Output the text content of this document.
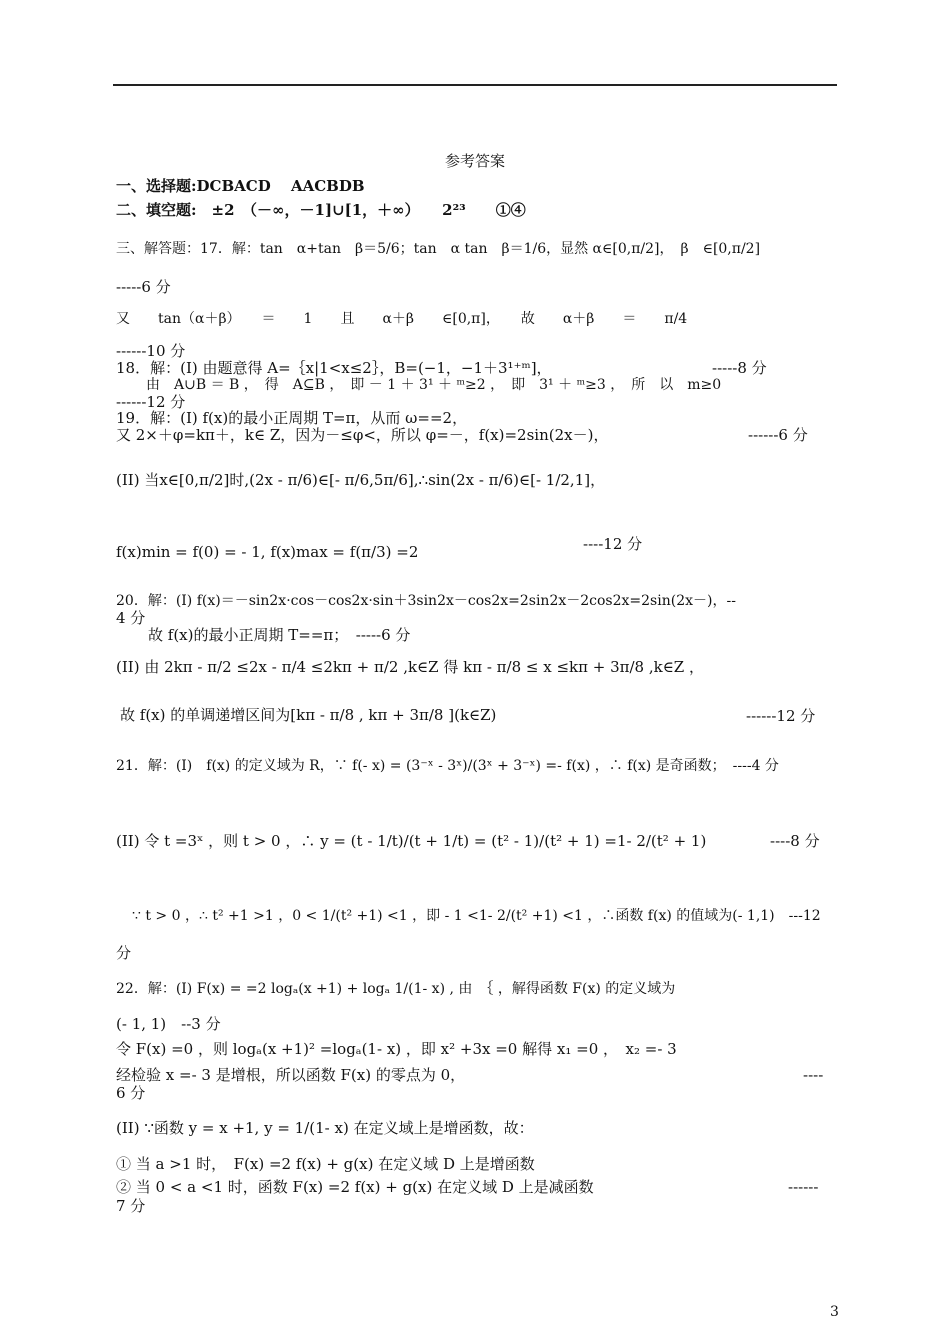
参考答案
一、选择题:DCBACD　 AACBDB
二、填空题:　±2　（－∞，－1]∪[1，＋∞）　　2²³　　①④
三、解答题：17．解：tan　α+tan　β＝5/6；tan　α tan　β＝1/6，显然 α∈[0,π/2]，　β　∈[0,π/2]
-----6 分
又　　tan（α＋β）　　＝　　1　　且　　α＋β　　∈[0,π]，　　故　　α＋β　　＝　　π/4
------10 分
18．解：(I) 由题意得 A=｛x|1<x≤2｝，B=(−1，−1＋3¹⁺ᵐ]，	-----8 分
由　A∪B ＝ B ，　得　A⊆B ，　即 － 1 ＋ 3¹ ＋ ᵐ≥2 ，　即　3¹ ＋ ᵐ≥3 ，　所　以　m≥0
------12 分
19．解：(I) f(x)的最小正周期 T=π，从而 ω==2，
又 2×＋φ=kπ＋，k∈ Z，因为－≤φ<，所以 φ=－，f(x)=2sin(2x－)，	------6 分
(II) 当x∈[0,π/2]时,(2x - π/6)∈[- π/6,5π/6],∴sin(2x - π/6)∈[- 1/2,1]，
f(x)min = f(0) = - 1, f(x)max = f(π/3) =2	----12 分
20．解：(I) f(x)＝－sin2x·cos－cos2x·sin＋3sin2x－cos2x=2sin2x－2cos2x=2sin(2x－)，--
4 分
故 f(x)的最小正周期 T==π；　-----6 分
(II) 由 2kπ - π/2 ≤2x - π/4 ≤2kπ + π/2 ,k∈Z 得 kπ - π/8 ≤ x ≤kπ + 3π/8 ,k∈Z ，
故 f(x) 的单调递增区间为[kπ - π/8 , kπ + 3π/8 ](k∈Z)	------12 分
21．解：(I)　f(x) 的定义域为 R，∵ f(- x) = (3⁻ˣ - 3ˣ)/(3ˣ + 3⁻ˣ) =- f(x) ，∴ f(x) 是奇函数；　----4 分
(II) 令 t =3ˣ ，则 t > 0 ，∴ y = (t - 1/t)/(t + 1/t) = (t² - 1)/(t² + 1) =1- 2/(t² + 1)	----8 分
∵ t > 0 ，∴ t² +1 >1 ，0 < 1/(t² +1) <1 ，即 - 1 <1- 2/(t² +1) <1 ，∴函数 f(x) 的值域为(- 1,1)　---12
分
22．解：(I) F(x) = =2 logₐ(x +1) + logₐ 1/(1- x) , 由　｛ ，解得函数 F(x) 的定义域为
(- 1, 1)　--3 分
令 F(x) =0 ，则 logₐ(x +1)² =logₐ(1- x) ，即 x² +3x =0 解得 x₁ =0 ，　x₂ =- 3
经检验 x =- 3 是增根，所以函数 F(x) 的零点为 0，	----
6 分
(II) ∵函数 y = x +1, y = 1/(1- x) 在定义域上是增函数，故：
① 当 a >1 时，　F(x) =2 f(x) + g(x) 在定义域 D 上是增函数
② 当 0 < a <1 时，函数 F(x) =2 f(x) + g(x) 在定义域 D 上是减函数	------
7 分
3
